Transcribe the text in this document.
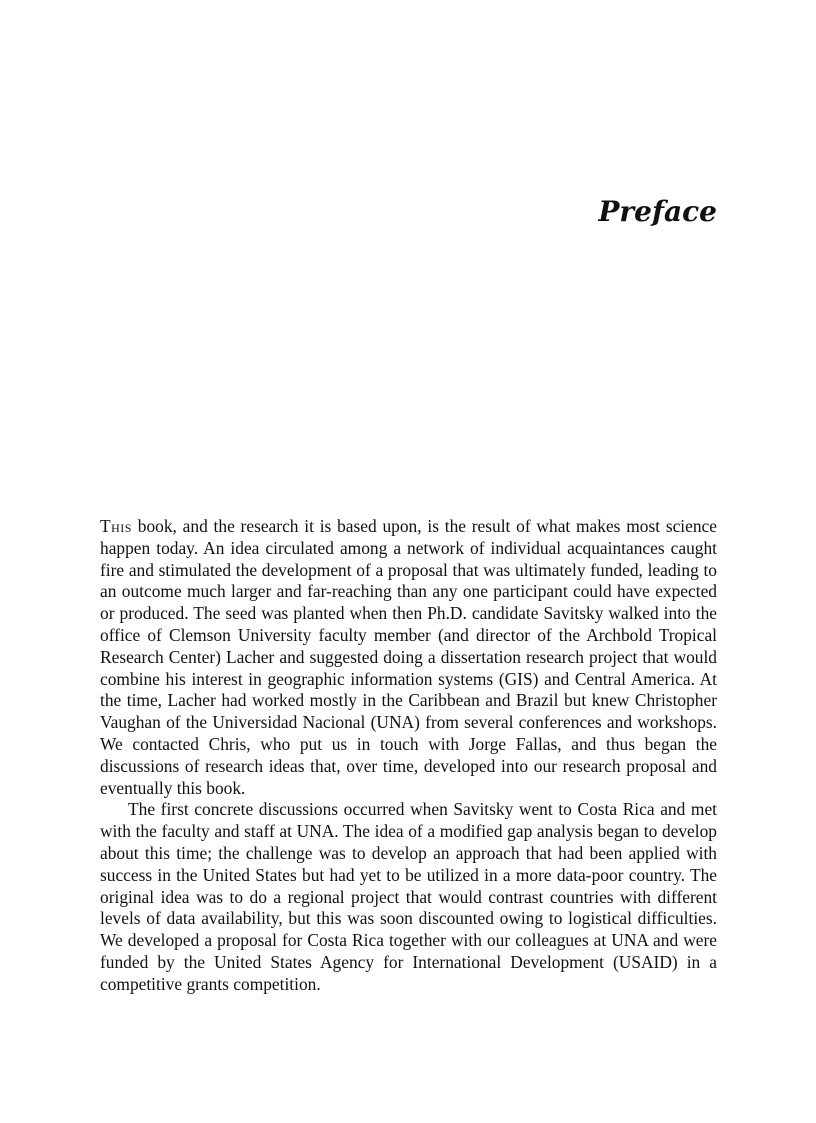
Preface

This book, and the research it is based upon, is the result of what makes most science happen today. An idea circulated among a network of individual acquaintances caught fire and stimulated the development of a proposal that was ultimately funded, leading to an outcome much larger and far-reaching than any one participant could have expected or produced. The seed was planted when then Ph.D. candidate Savitsky walked into the office of Clemson University faculty member (and director of the Archbold Tropical Research Center) Lacher and suggested doing a dissertation research project that would combine his interest in geographic information systems (GIS) and Central America. At the time, Lacher had worked mostly in the Caribbean and Brazil but knew Christopher Vaughan of the Universidad Nacional (UNA) from several conferences and workshops. We contacted Chris, who put us in touch with Jorge Fallas, and thus began the discussions of research ideas that, over time, developed into our research proposal and eventually this book.

The first concrete discussions occurred when Savitsky went to Costa Rica and met with the faculty and staff at UNA. The idea of a modified gap analysis began to develop about this time; the challenge was to develop an approach that had been applied with success in the United States but had yet to be utilized in a more data-poor country. The original idea was to do a regional project that would contrast countries with different levels of data availability, but this was soon discounted owing to logistical difficulties. We developed a proposal for Costa Rica together with our colleagues at UNA and were funded by the United States Agency for International Development (USAID) in a competitive grants competition.
